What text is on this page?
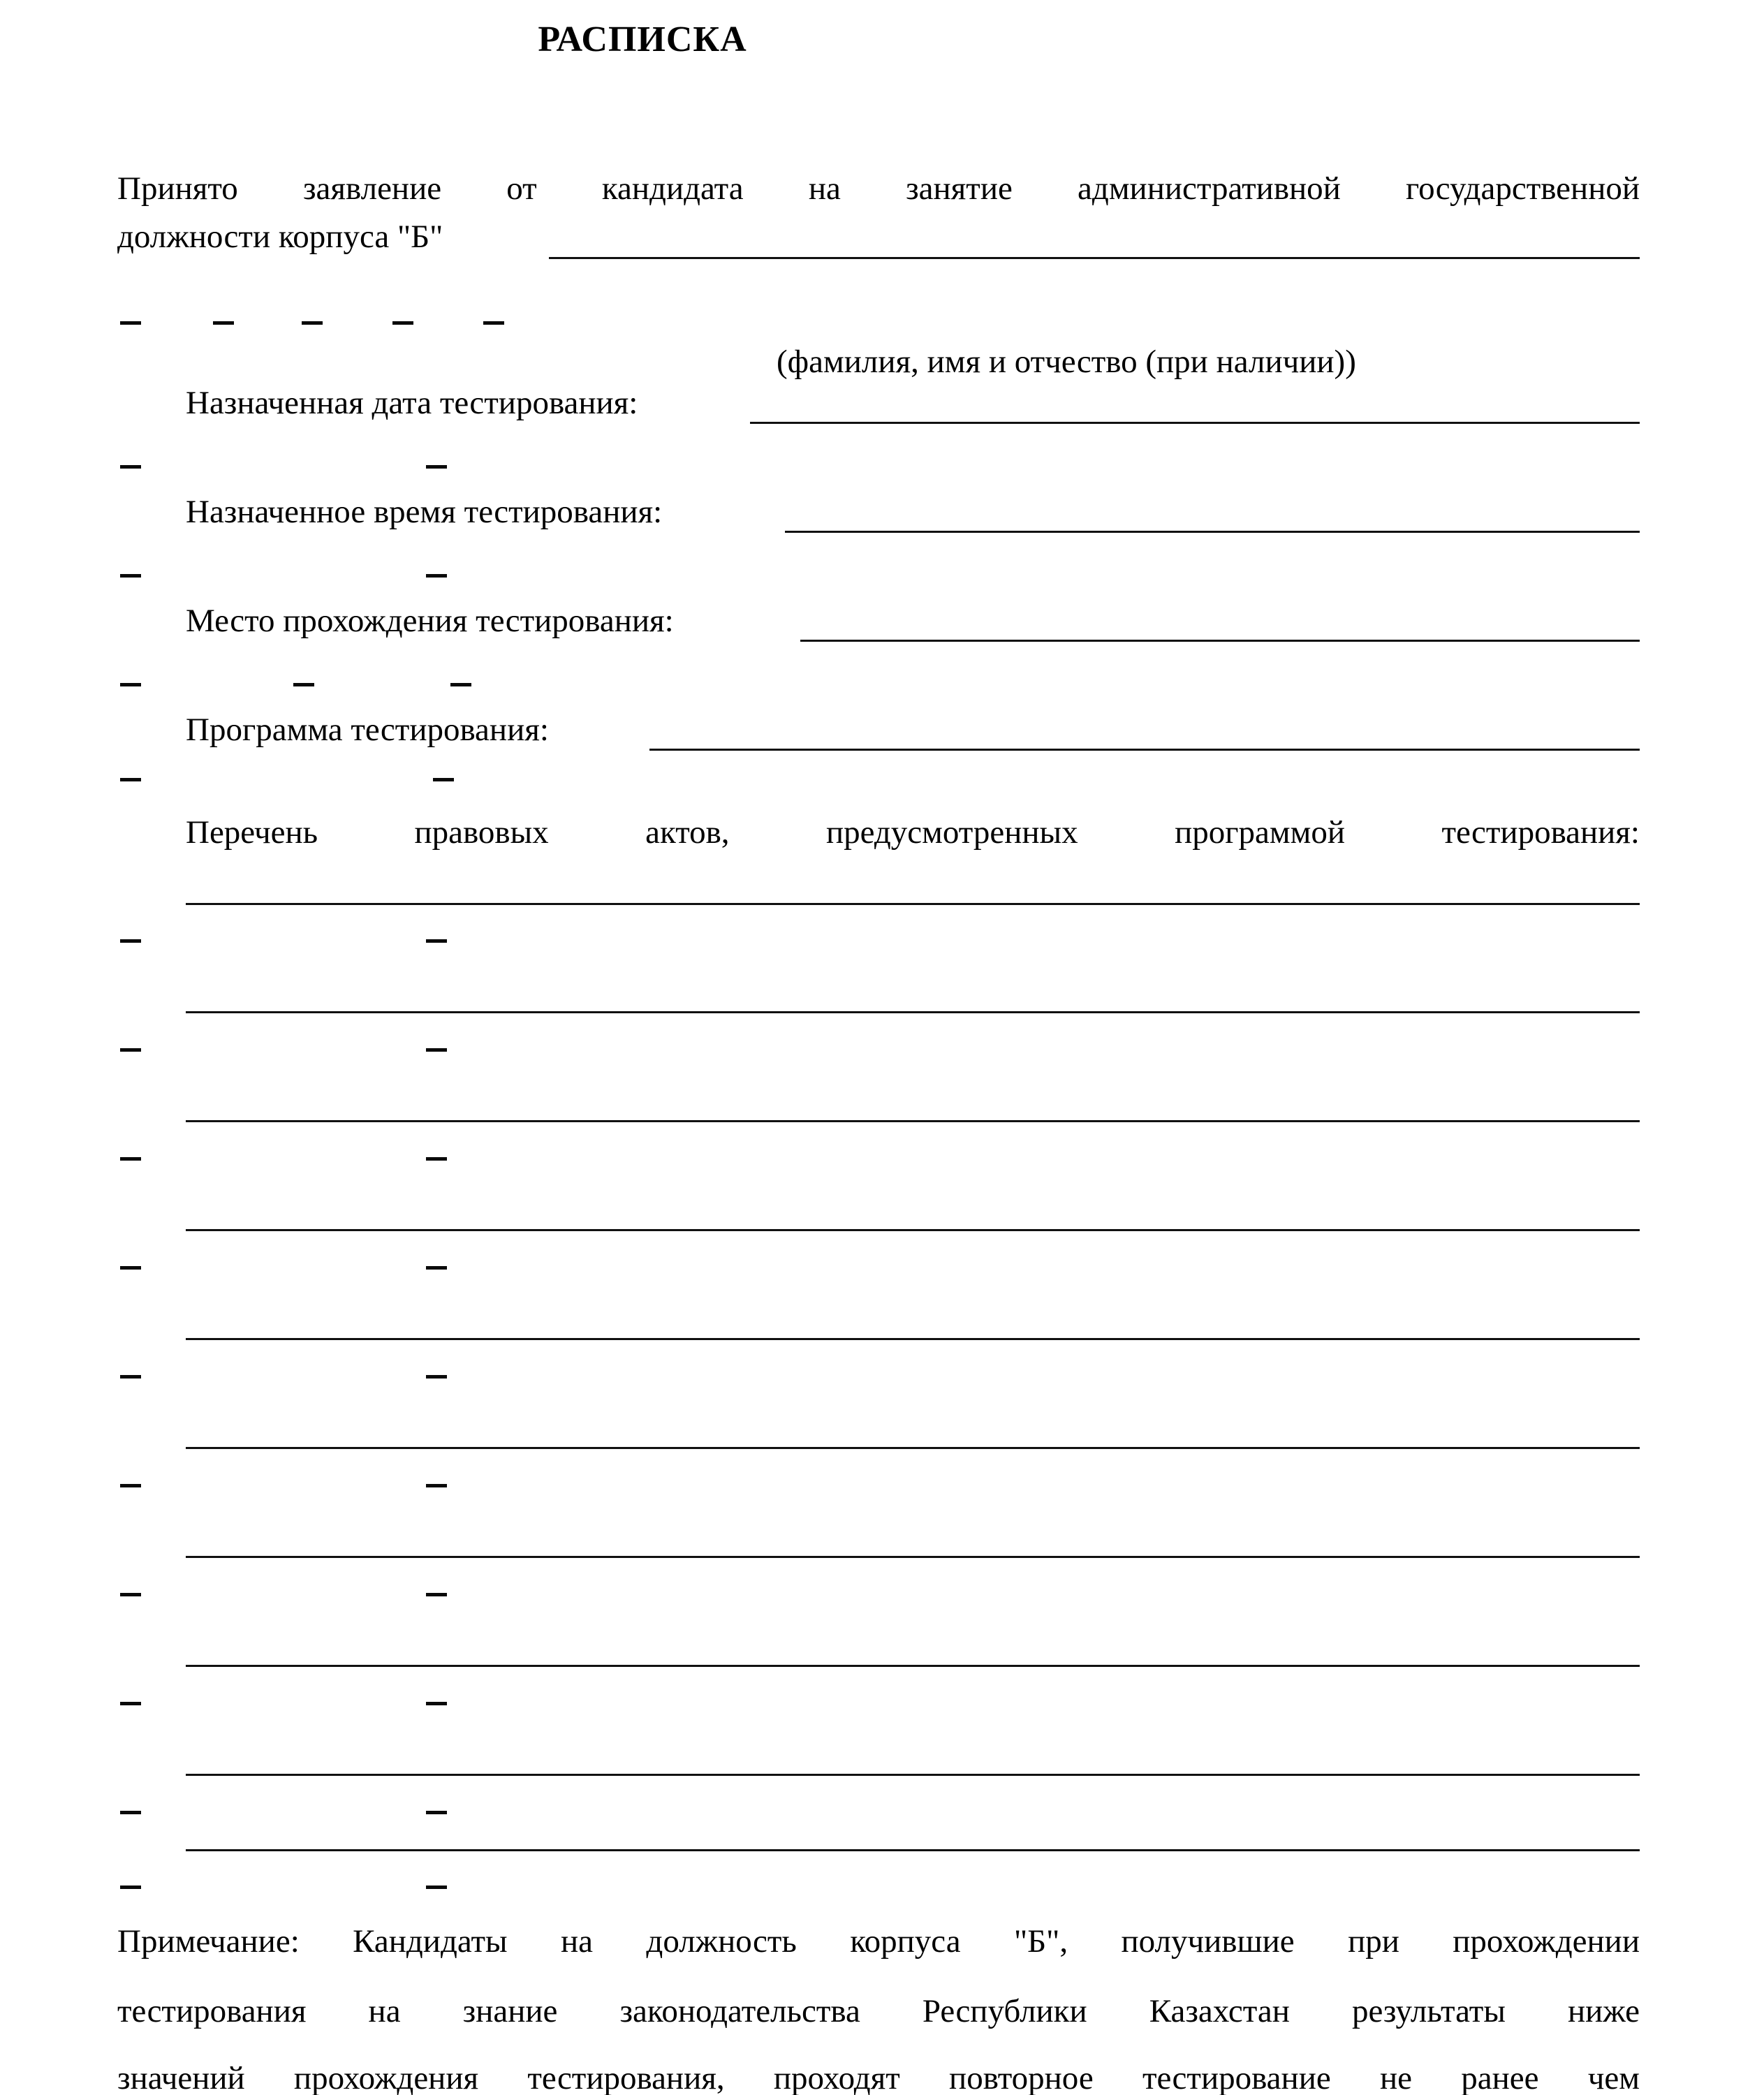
РАСПИСКА
Принято заявление от кандидата на занятие административной государственной
должности корпуса "Б"
(фамилия, имя и отчество (при наличии))
Назначенная дата тестирования:
Назначенное время тестирования:
Место прохождения тестирования:
Программа тестирования:
Перечень правовых актов, предусмотренных программой тестирования:
Примечание: Кандидаты на должность корпуса "Б", получившие при прохождении
тестирования на знание законодательства Республики Казахстан результаты ниже
значений прохождения тестирования, проходят повторное тестирование не ранее чем
